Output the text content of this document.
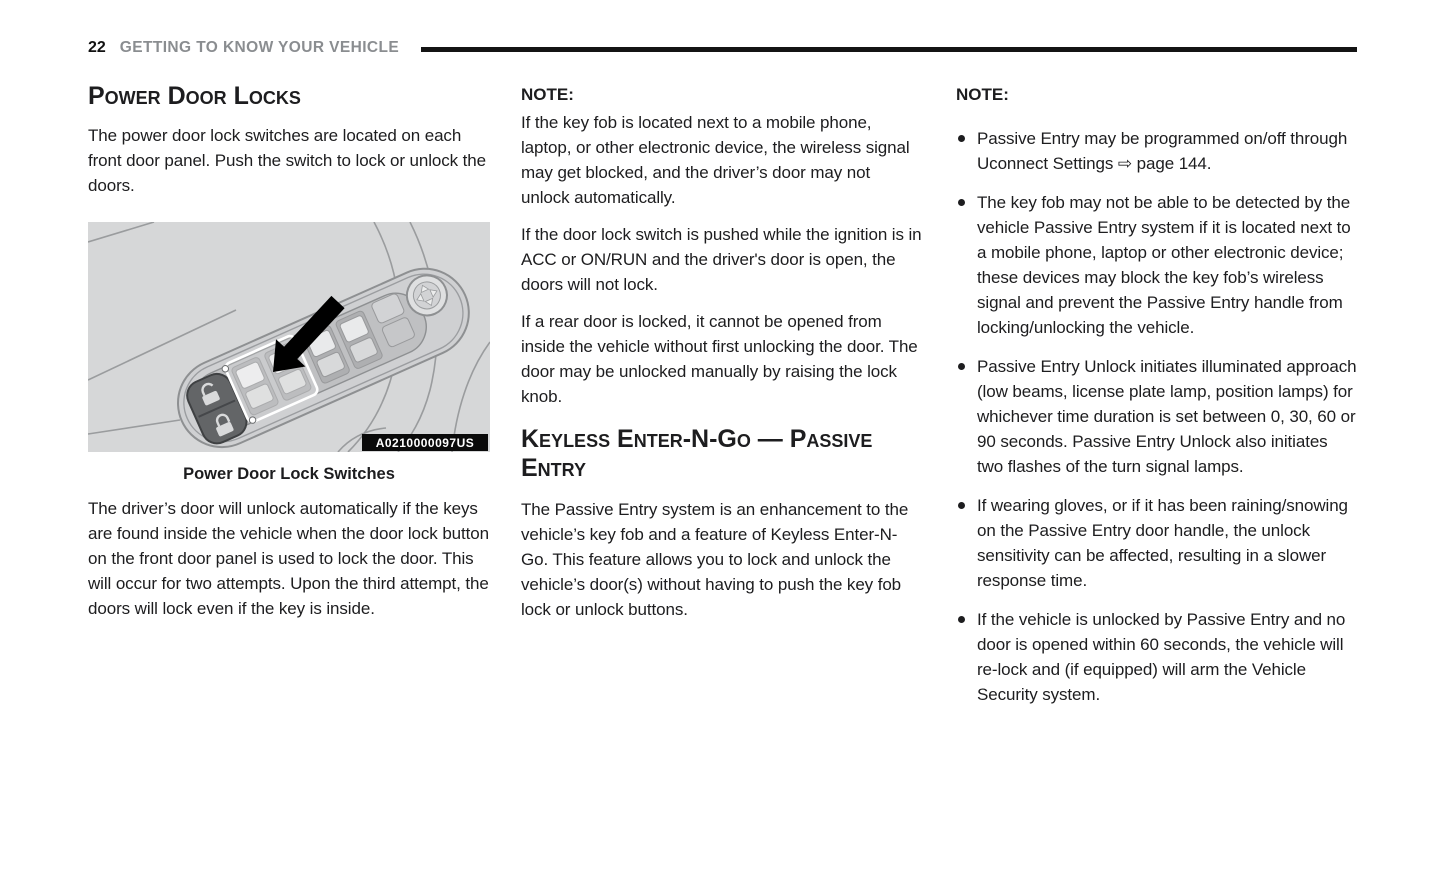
22 GETTING TO KNOW YOUR VEHICLE
Power Door Locks

The power door lock switches are located on each front door panel. Push the switch to lock or unlock the doors.

A0210000097US
Power Door Lock Switches

The driver’s door will unlock automatically if the keys are found inside the vehicle when the door lock button on the front door panel is used to lock the door. This will occur for two attempts. Upon the third attempt, the doors will lock even if the key is inside.

NOTE:

If the key fob is located next to a mobile phone, laptop, or other electronic device, the wireless signal may get blocked, and the driver’s door may not unlock automatically.

If the door lock switch is pushed while the ignition is in ACC or ON/RUN and the driver's door is open, the doors will not lock.

If a rear door is locked, it cannot be opened from inside the vehicle without first unlocking the door. The door may be unlocked manually by raising the lock knob.

Keyless Enter-N-Go — Passive Entry

The Passive Entry system is an enhancement to the vehicle’s key fob and a feature of Keyless Enter-N-Go. This feature allows you to lock and unlock the vehicle’s door(s) without having to push the key fob lock or unlock buttons.

NOTE:
Passive Entry may be programmed on/off through Uconnect Settings ⇨ page 144.
The key fob may not be able to be detected by the vehicle Passive Entry system if it is located next to a mobile phone, laptop or other electronic device; these devices may block the key fob’s wireless signal and prevent the Passive Entry handle from locking/unlocking the vehicle.
Passive Entry Unlock initiates illuminated approach (low beams, license plate lamp, position lamps) for whichever time duration is set between 0, 30, 60 or 90 seconds. Passive Entry Unlock also initiates two flashes of the turn signal lamps.
If wearing gloves, or if it has been raining/snowing on the Passive Entry door handle, the unlock sensitivity can be affected, resulting in a slower response time.
If the vehicle is unlocked by Passive Entry and no door is opened within 60 seconds, the vehicle will re-lock and (if equipped) will arm the Vehicle Security system.
